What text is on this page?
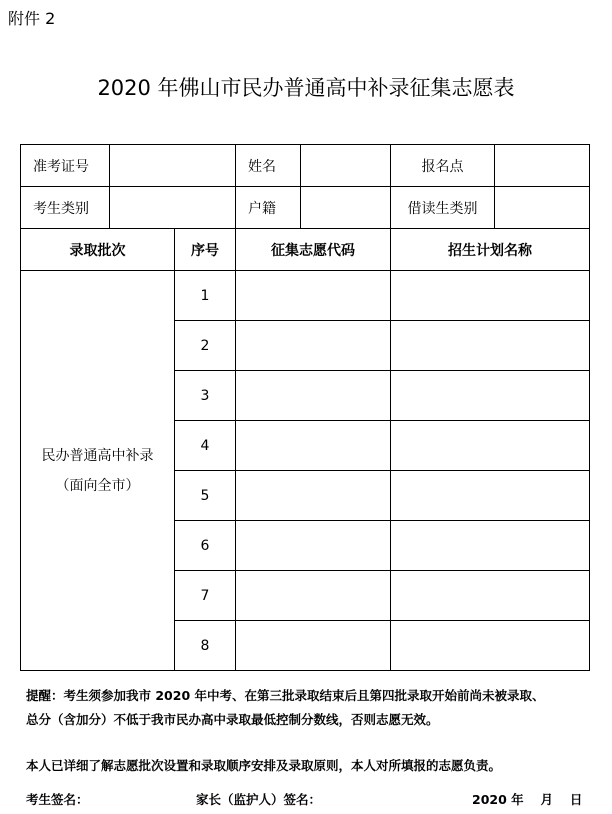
附件 2
2020 年佛山市民办普通高中补录征集志愿表
准考证号			姓名		报名点	
考生类别			户籍		借读生类别	
录取批次		序号	征集志愿代码		招生计划名称	

民办普通高中补录
（面向全市）		1				
		2				
		3				
		4				
		5				
		6				
		7				
		8				

提醒：考生须参加我市 2020 年中考、在第三批录取结束后且第四批录取开始前尚未被录取、

总分（含加分）不低于我市民办高中录取最低控制分数线，否则志愿无效。

本人已详细了解志愿批次设置和录取顺序安排及录取原则，本人对所填报的志愿负责。
考生签名：	家长（监护人）签名：	2020 年　 月　 日
